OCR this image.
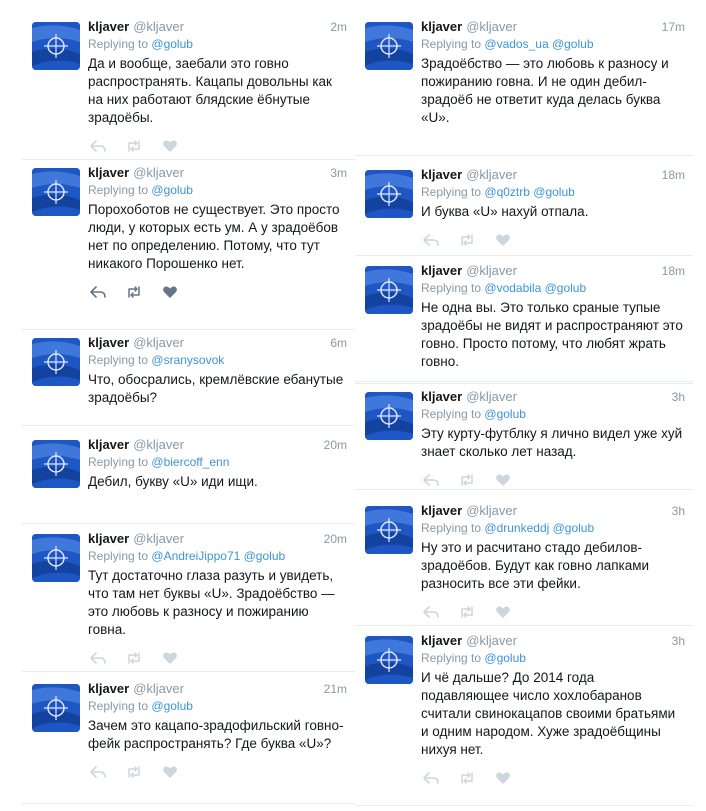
kljaver @kljaver	2m
Replying to @golub
Да и вообще, заебали это говно распространять. Кацапы довольны как на них работают блядские ёбнутые зрадоёбы.
kljaver @kljaver	3m
Replying to @golub
Порохоботов не существует. Это просто люди, у которых есть ум. А у зрадоёбов нет по определению. Потому, что тут никакого Порошенко нет.
kljaver @kljaver	6m
Replying to @sranysovok
Что, обосрались, кремлёвские ебанутые зрадоёбы?
kljaver @kljaver	20m
Replying to @biercoff_enn
Дебил, букву «U» иди ищи.
kljaver @kljaver	20m
Replying to @AndreiJippo71 @golub
Тут достаточно глаза разуть и увидеть, что там нет буквы «U». Зрадоёбство — это любовь к разносу и пожиранию говна.
kljaver @kljaver	21m
Replying to @golub
Зачем это кацапо-зрадофильский говно-фейк распространять? Где буква «U»?
kljaver @kljaver	17m
Replying to @vados_ua @golub
Зрадоёбство — это любовь к разносу и пожиранию говна. И не один дебил-зрадоёб не ответит куда делась буква «U».
kljaver @kljaver	18m
Replying to @q0ztrb @golub
И буква «U» нахуй отпала.
kljaver @kljaver	18m
Replying to @vodabila @golub
Не одна вы. Это только сраные тупые зрадоёбы не видят и распространяют это говно. Просто потому, что любят жрать говно.
kljaver @kljaver	3h
Replying to @golub
Эту курту-футблку я лично видел уже хуй знает сколько лет назад.
kljaver @kljaver	3h
Replying to @drunkeddj @golub
Ну это и расчитано стадо дебилов-зрадоёбов. Будут как говно лапками разносить все эти фейки.
kljaver @kljaver	3h
Replying to @golub
И чё дальше? До 2014 года подавляющее число хохлобаранов считали свинокацапов своими братьями и одним народом. Хуже зрадоёбщины нихуя нет.
